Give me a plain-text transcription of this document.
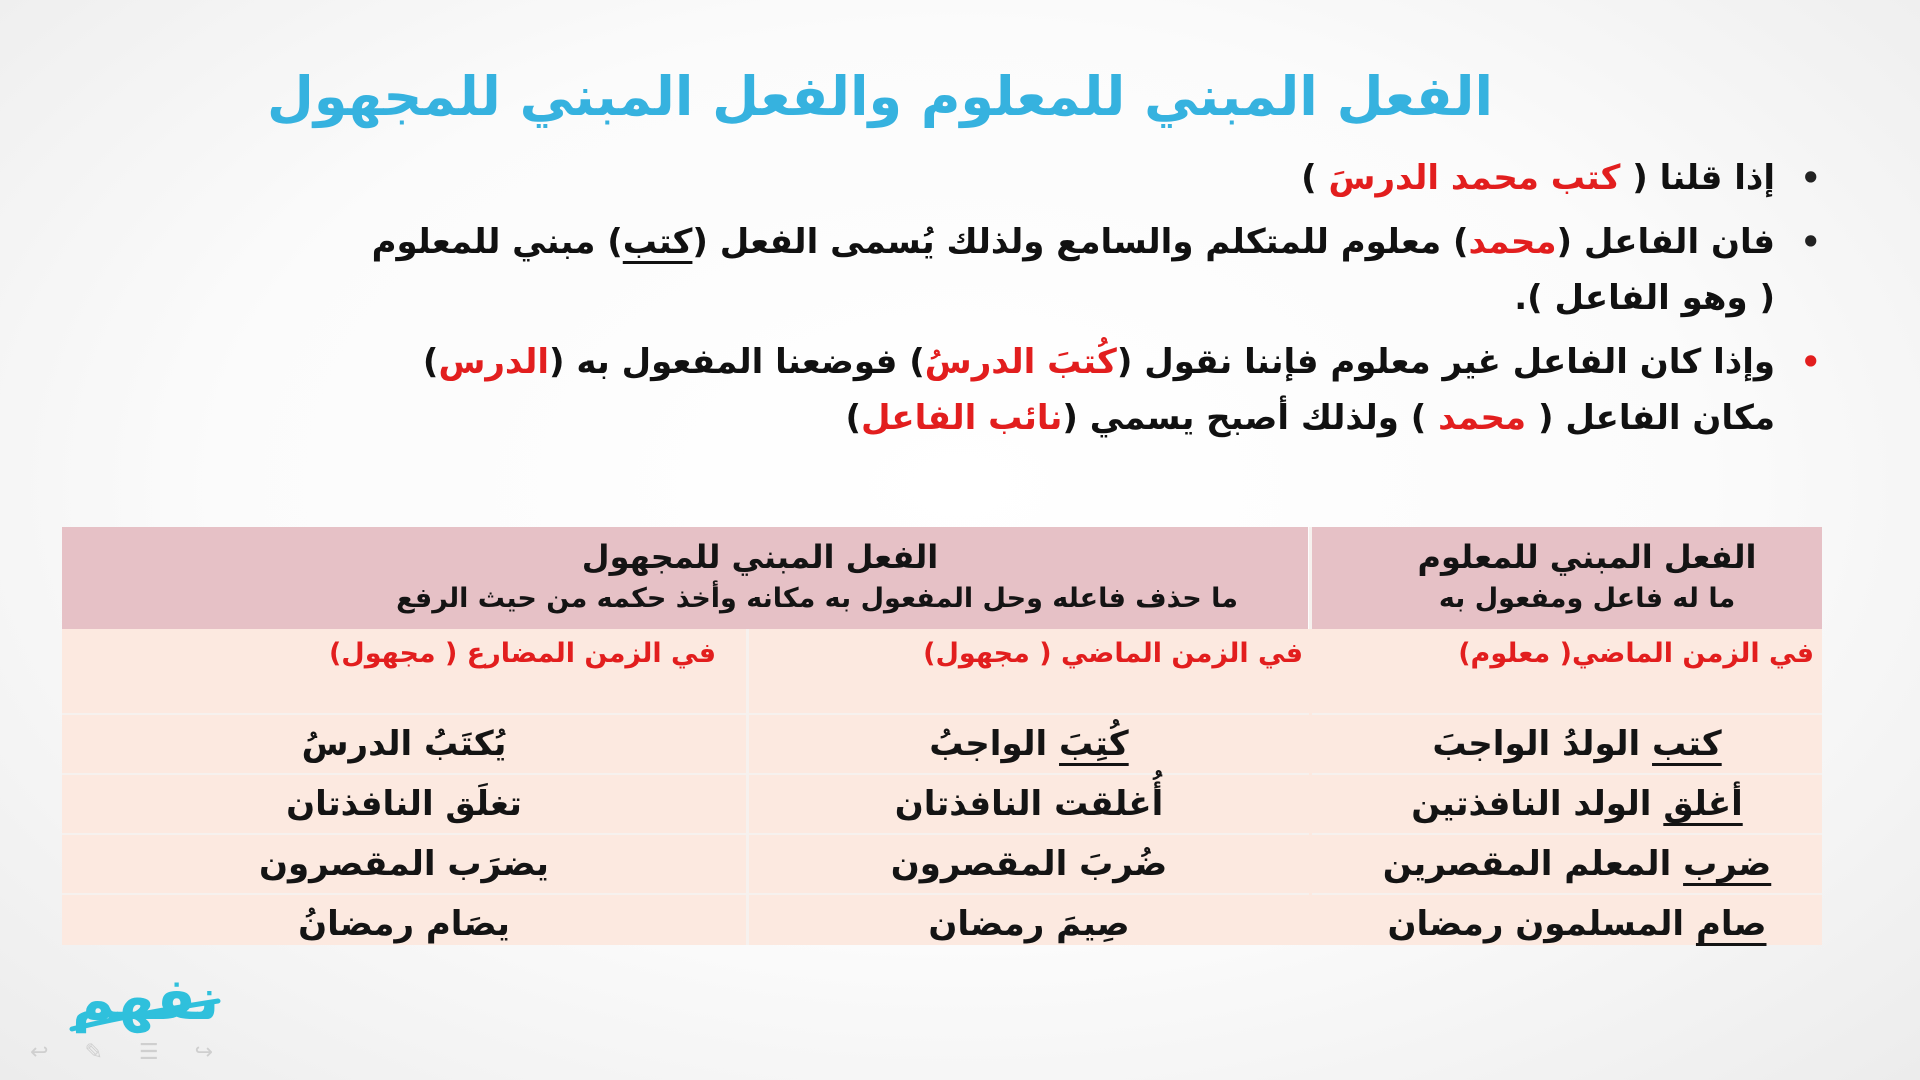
الفعل المبني للمعلوم والفعل المبني للمجهول
•
إذا قلنا ( كتب محمد الدرسَ )
•
فان الفاعل (محمد) معلوم للمتكلم والسامع ولذلك يُسمى الفعل (كتب) مبني للمعلوم
( وهو الفاعل ).
•
وإذا كان الفاعل غير معلوم فإننا نقول (كُتبَ الدرسُ) فوضعنا المفعول به (الدرس)
مكان الفاعل ( محمد ) ولذلك أصبح يسمي (نائب الفاعل)
الفعل المبني للمعلوم
ما له فاعل ومفعول به
الفعل المبني للمجهول
ما حذف فاعله وحل المفعول به مكانه وأخذ حكمه من حيث الرفع
في الزمن الماضي( معلوم)
كتب الولدُ الواجبَ
أغلق الولد النافذتين
ضرب المعلم المقصرين
صام المسلمون رمضان
في الزمن الماضي ( مجهول)
كُتِبَ الواجبُ
أُغلقت النافذتان
ضُربَ المقصرون
صِيمَ رمضان
في الزمن المضارع ( مجهول)
يُكتَبُ الدرسُ
تغلَق النافذتان
يضرَب المقصرون
يصَام رمضانُ
نفهم
↩ ✎ ☰ ↪
